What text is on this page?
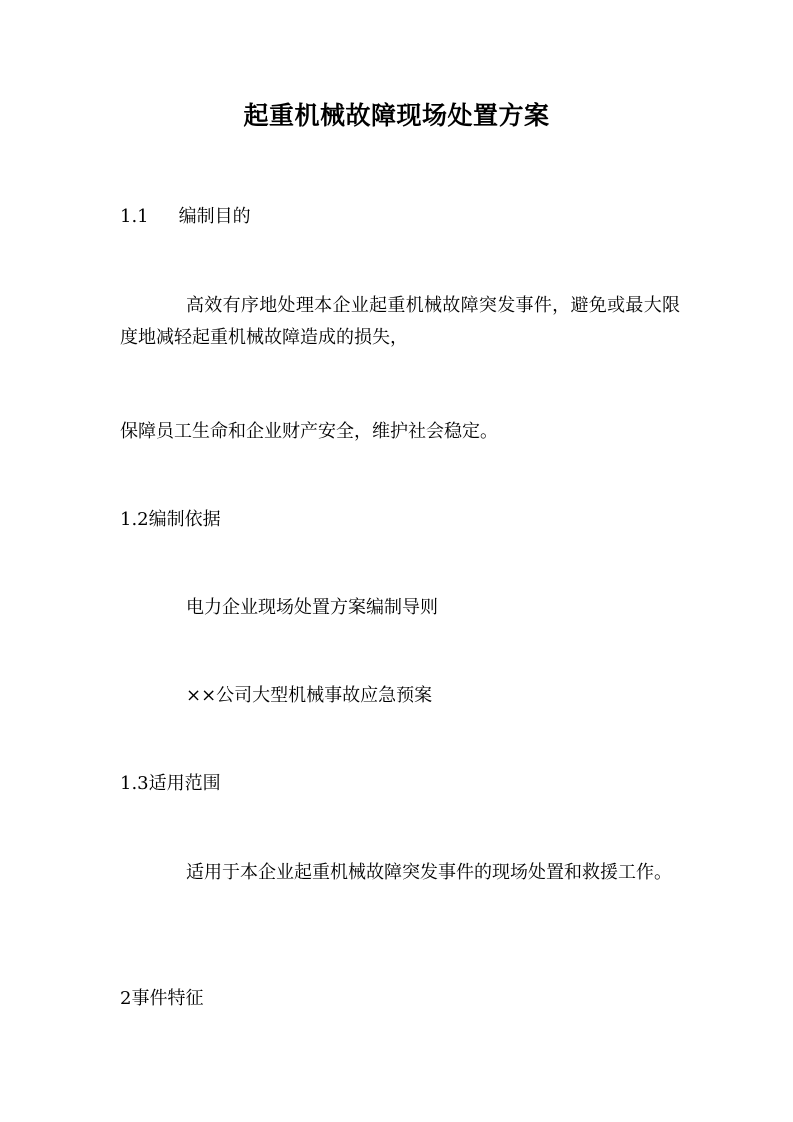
起重机械故障现场处置方案
1.1 编制目的
高效有序地处理本企业起重机械故障突发事件，避免或最大限度地减轻起重机械故障造成的损失，
保障员工生命和企业财产安全，维护社会稳定。
1.2编制依据
电力企业现场处置方案编制导则
××公司大型机械事故应急预案
1.3适用范围
适用于本企业起重机械故障突发事件的现场处置和救援工作。
2事件特征
